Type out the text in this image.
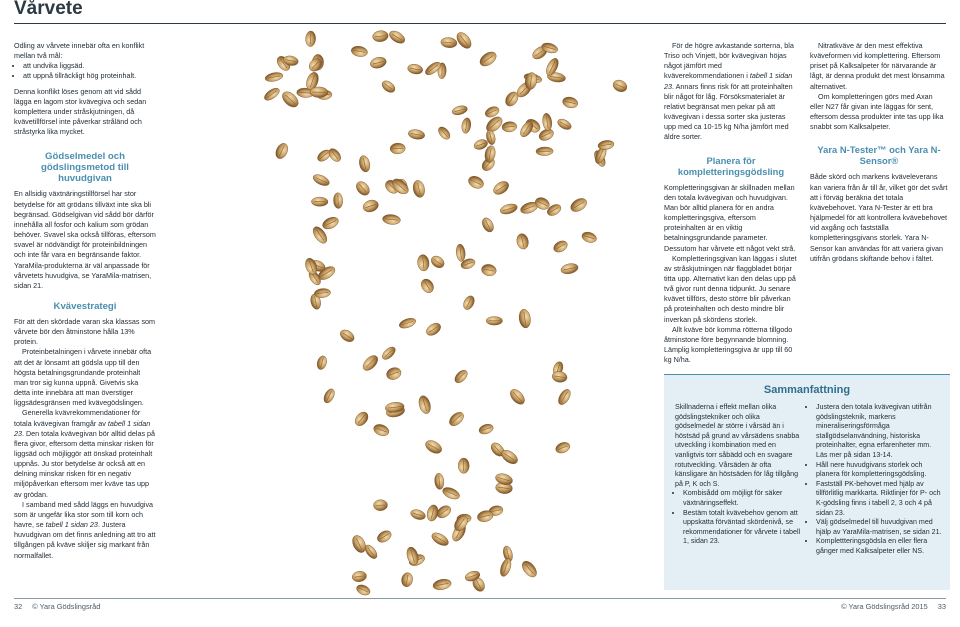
Vårvete

Odling av vårvete innebär ofta en konflikt mellan två mål:

• att undvika liggsäd.
• att uppnå tillräckligt hög proteinhalt.

Denna konflikt löses genom att vid sådd lägga en lagom stor kvävegiva och sedan komplettera under stråskjutningen, då kvävetillförsel inte påverkar stråländ och stråstyrka lika mycket.

Gödselmedel och gödslingsmetod till huvudgivan

En allsidig växtnäringstillförsel har stor betydelse för att grödans tillväxt inte ska bli begränsad. Gödselgivan vid sådd bör därför innehålla all fosfor och kalium som grödan behöver. Svavel ska också tillföras, eftersom svavel är nödvändigt för proteinbildningen och inte får vara en begränsande faktor. YaraMila-produkterna är väl anpassade för vårvetets huvudgiva, se YaraMila-matrisen, sidan 21.

Kvävestrategi

För att den skördade varan ska klassas som vårvete bör den åtminstone hålla 13% protein.

Proteinbetalningen i vårvete innebär ofta att det är lönsamt att gödsla upp till den högsta betalningsgrundande proteinhalt man tror sig kunna uppnå. Givetvis ska detta inte innebära att man överstiger liggsädesgränsen med kvävegödslingen.

Generella kvävrekommendationer för totala kvävegivan framgår av tabell 1 sidan 23. Den totala kvävegivan bör alltid delas på flera givor, eftersom detta minskar risken för liggsäd och möjliggör att önskad proteinhalt uppnås. Ju stor betydelse är också att en delning minskar risken för en negativ miljöpåverkan eftersom mer kväve tas upp av grödan.

I samband med sådd läggs en huvudgiva som är ungefär lika stor som till korn och havre, se tabell 1 sidan 23. Justera huvudgivan om det finns anledning att tro att tillgången på kväve skiljer sig markant från normalfallet.

För de högre avkastande sorterna, bla Triso och Vinjett, bör kvävegivan höjas något jämfört med kväverekommendationen i tabell 1 sidan 23. Annars finns risk för att proteinhalten blir något för låg. Försöksmaterialet är relativt begränsat men pekar på att kvävegivan i dessa sorter ska justeras upp med ca 10-15 kg N/ha jämfört med äldre sorter.

Planera för kompletteringsgödsling

Kompletteringsgivan är skillnaden mellan den totala kvävegivan och huvudgivan. Man bör alltid planera för en andra kompletteringsgiva, eftersom proteinhalten är en viktig betalningsgrundande parameter. Dessutom har vårvete ett något vekt strå.

Kompletteringsgivan kan läggas i slutet av stråskjutningen när flaggbladet börjar titta upp. Alternativt kan den delas upp på två givor runt denna tidpunkt. Ju senare kvävet tillförs, desto större blir påverkan på proteinhalten och desto mindre blir inverkan på skördens storlek.

Allt kväve bör komma rötterna tillgodo åtminstone före begynnande blomning. Lämplig kompletteringsgiva är upp till 60 kg N/ha.

Nitratkväve är den mest effektiva kväveformen vid komplettering. Eftersom priset på Kalksalpeter för närvarande är lågt, är denna produkt det mest lönsamma alternativet.

Om kompletteringen görs med Axan eller N27 får givan inte läggas för sent, eftersom dessa produkter inte tas upp lika snabbt som Kalksalpeter.

Yara N-Tester™ och Yara N-Sensor®

Både skörd och markens kväveleverans kan variera från år till år, vilket gör det svårt att i förväg beräkna det totala kvävebehovet. Yara N-Tester är ett bra hjälpmedel för att kontrollera kvävebehovet vid axgång och fastställa kompletteringsgivans storlek. Yara N-Sensor kan användas för att variera givan utifrån grödans skiftande behov i fältet.

Sammanfattning

Skillnaderna i effekt mellan olika gödslingstekniker och olika gödselmedel är större i vårsäd än i höstsäd på grund av vårsädens snabba utveckling i kombination med en vanligtvis torr såbädd och en svagare rotutveckling. Vårsäden är ofta känsligare än höstsäden för låg tillgång på P, K och S.

• Kombisådd om möjligt för säker växtnäringseffekt.
• Bestäm totalt kvävebehov genom att uppskatta förväntad skördenivå, se rekommendationer för vårvete i tabell 1, sidan 23.
• Justera den totala kvävegivan utifrån gödslingsteknik, markens mineraliseringsförmåga stallgödselanvändning, historiska proteinhalter, egna erfarenheter mm. Läs mer på sidan 13-14.
• Håll nere huvudgivans storlek och planera för kompletteringsgödsling.
• Fastställ PK-behovet med hjälp av tillförlitlig markkarta. Riktlinjer för P- och K-gödsling finns i tabell 2, 3 och 4 på sidan 23.
• Välj gödselmedel till huvudgivan med hjälp av YaraMila-matrisen, se sidan 21.
• Komplettteringsgödsla en eller flera gånger med Kalksalpeter eller NS.
32 © Yara Gödslingsråd	© Yara Gödslingsråd 2015 33
